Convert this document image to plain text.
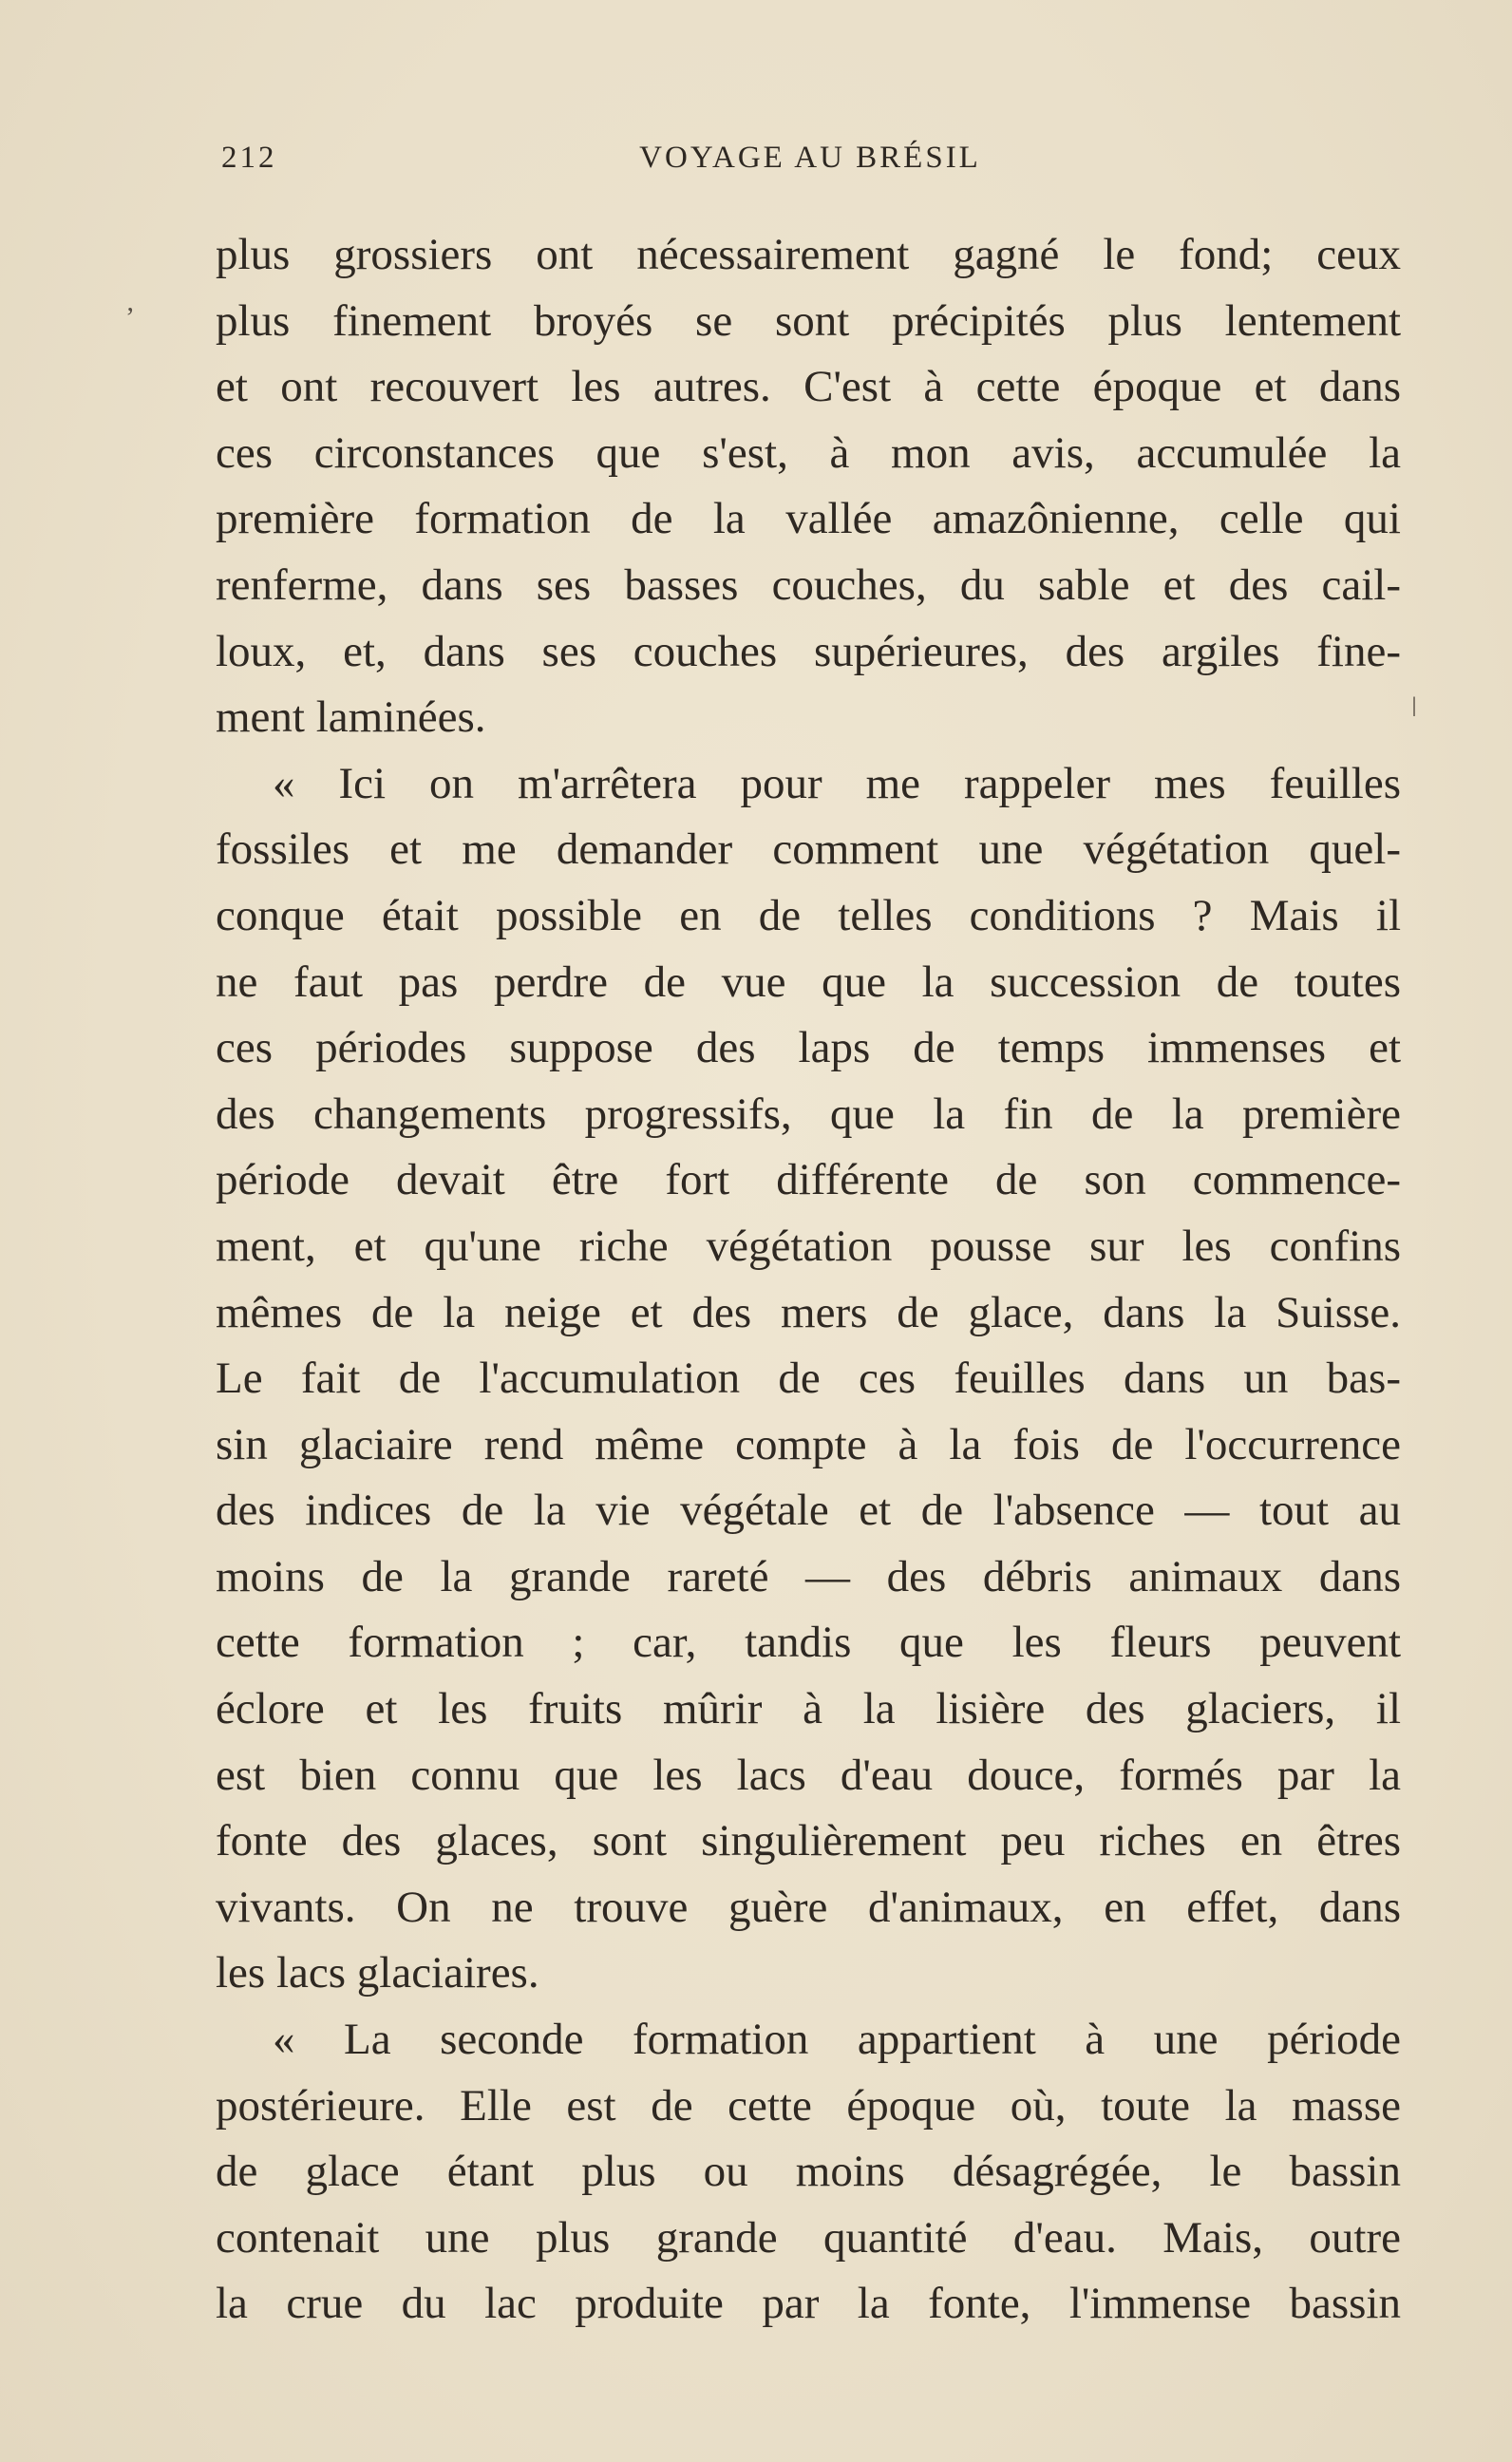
212	VOYAGE AU BRÉSIL
ʼ
ǀ
plus grossiers ont nécessairement gagné le fond; ceux
plus finement broyés se sont précipités plus lentement
et ont recouvert les autres. C'est à cette époque et dans
ces circonstances que s'est, à mon avis, accumulée la
première formation de la vallée amazônienne, celle qui
renferme, dans ses basses couches, du sable et des cail-
loux, et, dans ses couches supérieures, des argiles fine-
ment laminées.
« Ici on m'arrêtera pour me rappeler mes feuilles
fossiles et me demander comment une végétation quel-
conque était possible en de telles conditions ? Mais il
ne faut pas perdre de vue que la succession de toutes
ces périodes suppose des laps de temps immenses et
des changements progressifs, que la fin de la première
période devait être fort différente de son commence-
ment, et qu'une riche végétation pousse sur les confins
mêmes de la neige et des mers de glace, dans la Suisse.
Le fait de l'accumulation de ces feuilles dans un bas-
sin glaciaire rend même compte à la fois de l'occurrence
des indices de la vie végétale et de l'absence — tout au
moins de la grande rareté — des débris animaux dans
cette formation ; car, tandis que les fleurs peuvent
éclore et les fruits mûrir à la lisière des glaciers, il
est bien connu que les lacs d'eau douce, formés par la
fonte des glaces, sont singulièrement peu riches en êtres
vivants. On ne trouve guère d'animaux, en effet, dans
les lacs glaciaires.
« La seconde formation appartient à une période
postérieure. Elle est de cette époque où, toute la masse
de glace étant plus ou moins désagrégée, le bassin
contenait une plus grande quantité d'eau. Mais, outre
la crue du lac produite par la fonte, l'immense bassin
